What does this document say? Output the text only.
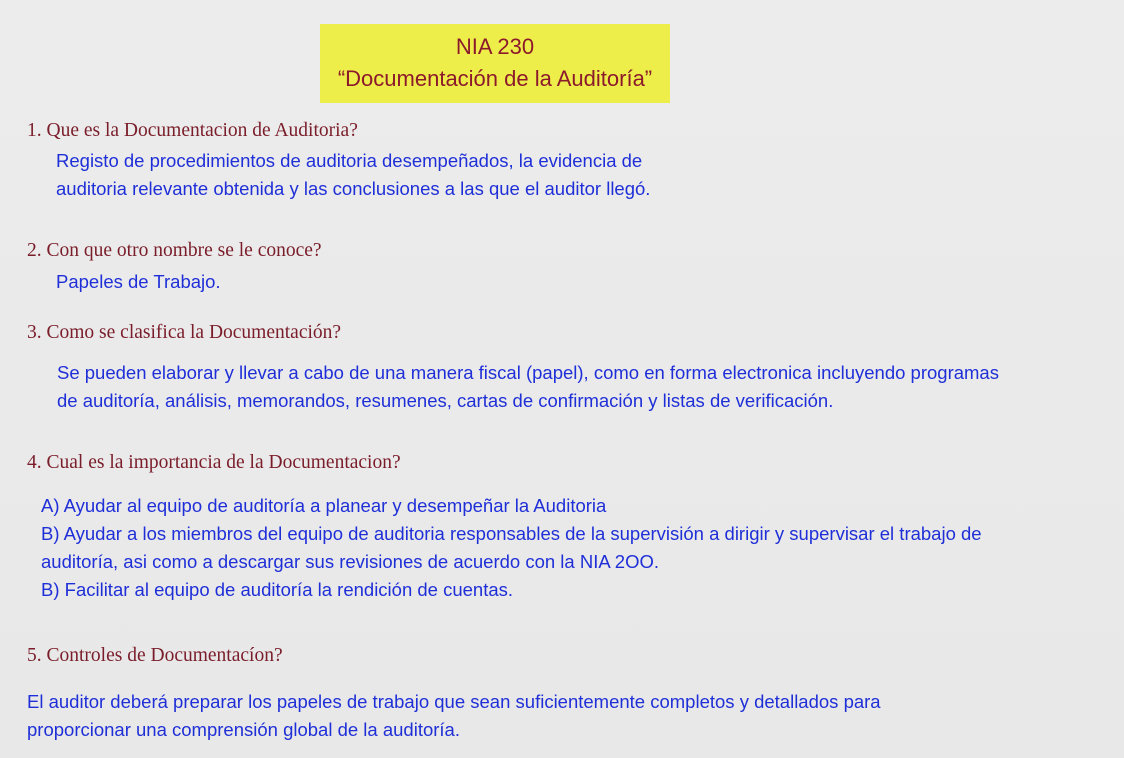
NIA 230
“Documentación de la Auditoría”
1. Que es la Documentacion de Auditoria?
Registo de procedimientos de auditoria desempeñados, la evidencia de
auditoria relevante obtenida y las conclusiones a las que el auditor llegó.
2. Con que otro nombre se le conoce?
Papeles de Trabajo.
3. Como se clasifica la Documentación?
Se pueden elaborar y llevar a cabo de una manera fiscal (papel), como en forma electronica incluyendo programas
de auditoría, análisis, memorandos, resumenes, cartas de confirmación y listas de verificación.
4. Cual es la importancia de la Documentacion?
A) Ayudar al equipo de auditoría a planear y desempeñar la Auditoria
B) Ayudar a los miembros del equipo de auditoria responsables de la supervisión a dirigir y supervisar el trabajo de
auditoría, asi como a descargar sus revisiones de acuerdo con la NIA 2OO.
B) Facilitar al equipo de auditoría la rendición de cuentas.
5. Controles de Documentacíon?
El auditor deberá preparar los papeles de trabajo que sean suficientemente completos y detallados para
proporcionar una comprensión global de la auditoría.
